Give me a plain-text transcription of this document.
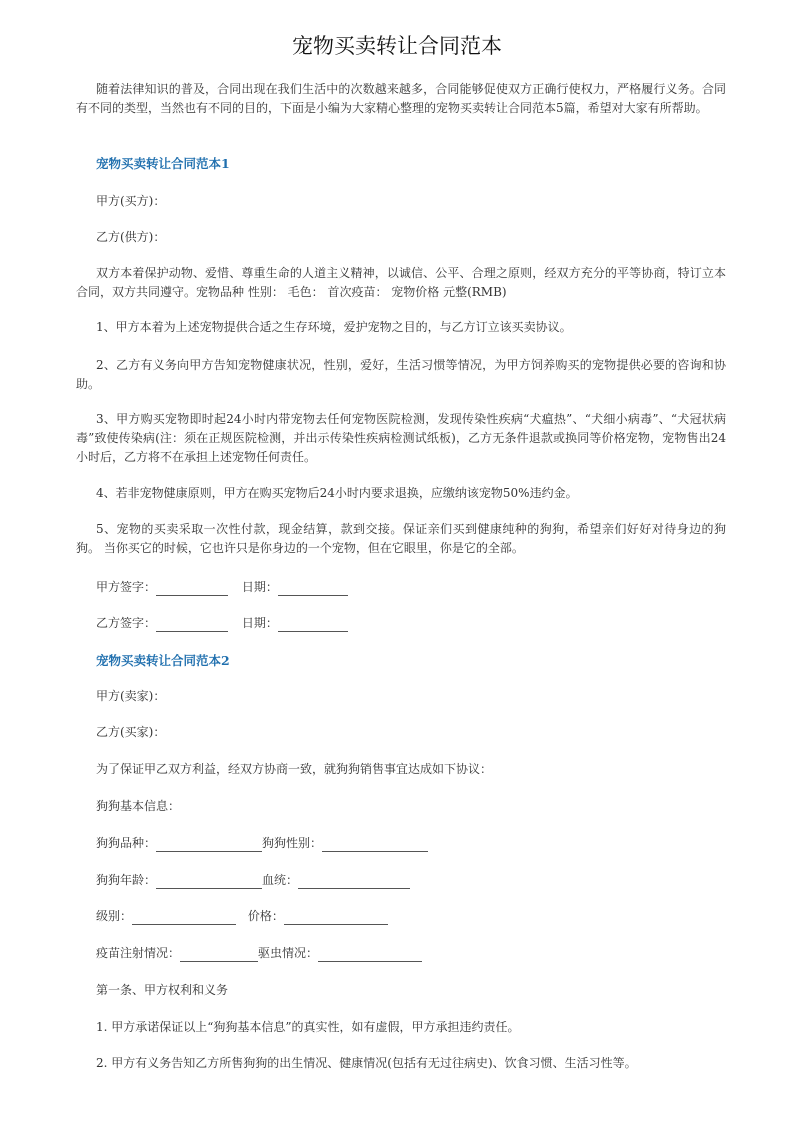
宠物买卖转让合同范本
随着法律知识的普及，合同出现在我们生活中的次数越来越多，合同能够促使双方正确行使权力，严格履行义务。合同有不同的类型，当然也有不同的目的，下面是小编为大家精心整理的宠物买卖转让合同范本5篇，希望对大家有所帮助。
宠物买卖转让合同范本1
甲方(买方)：
乙方(供方)：
双方本着保护动物、爱惜、尊重生命的人道主义精神，以诚信、公平、合理之原则，经双方充分的平等协商，特订立本合同，双方共同遵守。宠物品种 性别： 毛色： 首次疫苗： 宠物价格 元整(RMB)
1、甲方本着为上述宠物提供合适之生存环境，爱护宠物之目的，与乙方订立该买卖协议。
2、乙方有义务向甲方告知宠物健康状况，性别，爱好，生活习惯等情况，为甲方饲养购买的宠物提供必要的咨询和协助。
3、甲方购买宠物即时起24小时内带宠物去任何宠物医院检测，发现传染性疾病“犬瘟热”、“犬细小病毒”、“犬冠状病毒”致使传染病(注：须在正规医院检测，并出示传染性疾病检测试纸板)，乙方无条件退款或换同等价格宠物，宠物售出24小时后，乙方将不在承担上述宠物任何责任。
4、若非宠物健康原则，甲方在购买宠物后24小时内要求退换，应缴纳该宠物50%违约金。
5、宠物的买卖采取一次性付款，现金结算，款到交接。保证亲们买到健康纯种的狗狗，希望亲们好好对待身边的狗狗。 当你买它的时候，它也许只是你身边的一个宠物，但在它眼里，你是它的全部。
甲方签字：	日期：
乙方签字：	日期：
宠物买卖转让合同范本2
甲方(卖家)：
乙方(买家)：
为了保证甲乙双方利益，经双方协商一致，就狗狗销售事宜达成如下协议：
狗狗基本信息：
狗狗品种：	狗狗性别：
狗狗年龄：	血统：
级别：	价格：
疫苗注射情况：	驱虫情况：
第一条、甲方权利和义务
1. 甲方承诺保证以上“狗狗基本信息”的真实性，如有虚假，甲方承担违约责任。
2. 甲方有义务告知乙方所售狗狗的出生情况、健康情况(包括有无过往病史)、饮食习惯、生活习性等。
